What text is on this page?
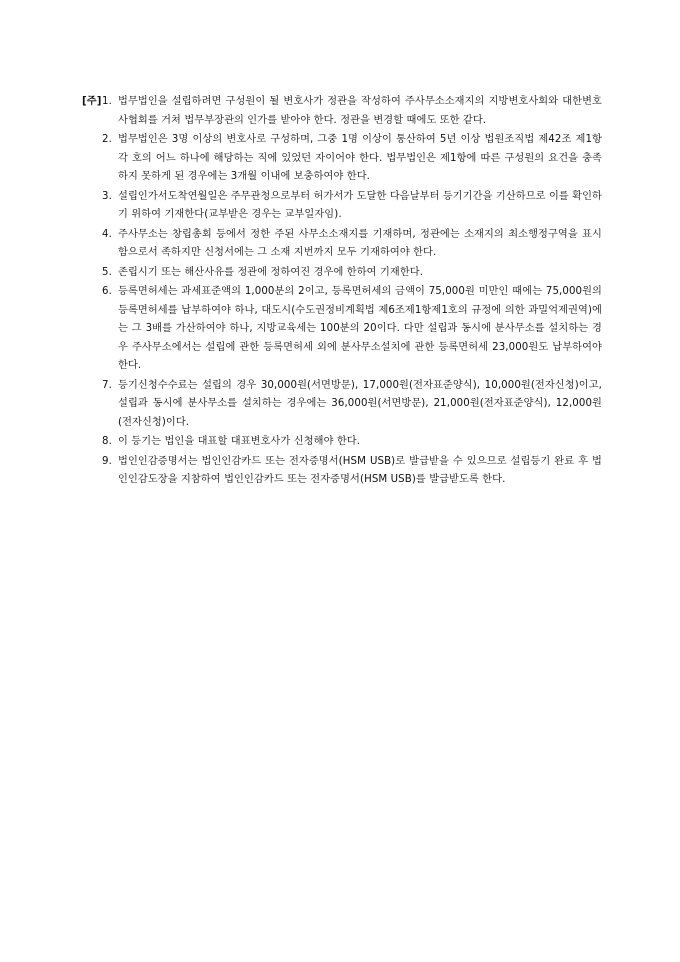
[주] 1. 법무법인을 설립하려면 구성원이 될 변호사가 정관을 작성하여 주사무소소재지의 지방변호사회와 대한변호사협회를 거쳐 법무부장관의 인가를 받아야 한다. 정관을 변경할 때에도 또한 같다.
2. 법무법인은 3명 이상의 변호사로 구성하며, 그중 1명 이상이 통산하여 5년 이상 법원조직법 제42조 제1항 각 호의 어느 하나에 해당하는 직에 있었던 자이어야 한다. 법무법인은 제1항에 따른 구성원의 요건을 충족하지 못하게 된 경우에는 3개월 이내에 보충하여야 한다.
3. 설립인가서도착연월일은 주무관청으로부터 허가서가 도달한 다음날부터 등기기간을 기산하므로 이를 확인하기 위하여 기재한다(교부받은 경우는 교부일자임).
4. 주사무소는 창립총회 등에서 정한 주된 사무소소재지를 기재하며, 정관에는 소재지의 최소행정구역을 표시함으로서 족하지만 신청서에는 그 소재 지번까지 모두 기재하여야 한다.
5. 존립시기 또는 해산사유를 정관에 정하여진 경우에 한하여 기재한다.
6. 등록면허세는 과세표준액의 1,000분의 2이고, 등록면허세의 금액이 75,000원 미만인 때에는 75,000원의 등록면허세를 납부하여야 하나, 대도시(수도권정비계획법 제6조제1항제1호의 규정에 의한 과밀억제권역)에는 그 3배를 가산하여야 하나, 지방교육세는 100분의 20이다. 다만 설립과 동시에 분사무소를 설치하는 경우 주사무소에서는 설립에 관한 등록면허세 외에 분사무소설치에 관한 등록면허세 23,000원도 납부하여야 한다.
7. 등기신청수수료는 설립의 경우 30,000원(서면방문), 17,000원(전자표준양식), 10,000원(전자신청)이고, 설립과 동시에 분사무소를 설치하는 경우에는 36,000원(서면방문), 21,000원(전자표준양식), 12,000원(전자신청)이다.
8. 이 등기는 법인을 대표할 대표변호사가 신청해야 한다.
9. 법인인감증명서는 법인인감카드 또는 전자증명서(HSM USB)로 발급받을 수 있으므로 설립등기 완료 후 법인인감도장을 지참하여 법인인감카드 또는 전자증명서(HSM USB)를 발급받도록 한다.
